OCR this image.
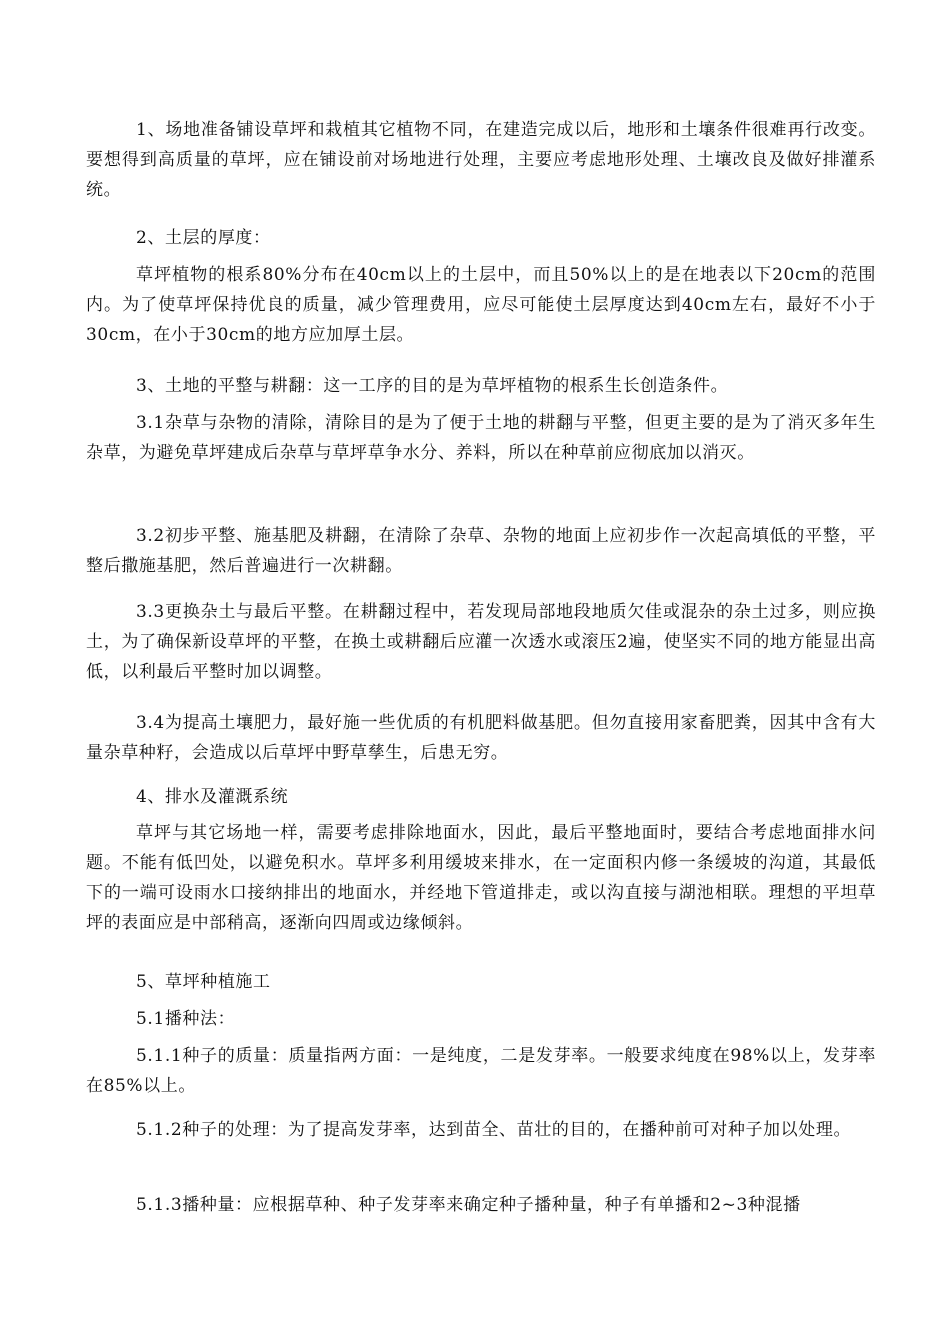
1、场地准备铺设草坪和栽植其它植物不同，在建造完成以后，地形和土壤条件很难再行改变。要想得到高质量的草坪，应在铺设前对场地进行处理，主要应考虑地形处理、土壤改良及做好排灌系统。

2、土层的厚度：

草坪植物的根系80%分布在40cm以上的土层中，而且50%以上的是在地表以下20cm的范围内。为了使草坪保持优良的质量，减少管理费用，应尽可能使土层厚度达到40cm左右，最好不小于30cm，在小于30cm的地方应加厚土层。

3、土地的平整与耕翻：这一工序的目的是为草坪植物的根系生长创造条件。

3.1杂草与杂物的清除，清除目的是为了便于土地的耕翻与平整，但更主要的是为了消灭多年生杂草，为避免草坪建成后杂草与草坪草争水分、养料，所以在种草前应彻底加以消灭。

3.2初步平整、施基肥及耕翻，在清除了杂草、杂物的地面上应初步作一次起高填低的平整，平整后撒施基肥，然后普遍进行一次耕翻。

3.3更换杂土与最后平整。在耕翻过程中，若发现局部地段地质欠佳或混杂的杂土过多，则应换土，为了确保新设草坪的平整，在换土或耕翻后应灌一次透水或滚压2遍，使坚实不同的地方能显出高低，以利最后平整时加以调整。

3.4为提高土壤肥力，最好施一些优质的有机肥料做基肥。但勿直接用家畜肥粪，因其中含有大量杂草种籽，会造成以后草坪中野草孳生，后患无穷。

4、排水及灌溉系统

草坪与其它场地一样，需要考虑排除地面水，因此，最后平整地面时，要结合考虑地面排水问题。不能有低凹处，以避免积水。草坪多利用缓坡来排水，在一定面积内修一条缓坡的沟道，其最低下的一端可设雨水口接纳排出的地面水，并经地下管道排走，或以沟直接与湖池相联。理想的平坦草坪的表面应是中部稍高，逐渐向四周或边缘倾斜。

5、草坪种植施工

5.1播种法：

5.1.1种子的质量：质量指两方面：一是纯度，二是发芽率。一般要求纯度在98%以上，发芽率在85%以上。

5.1.2种子的处理：为了提高发芽率，达到苗全、苗壮的目的，在播种前可对种子加以处理。

5.1.3播种量：应根据草种、种子发芽率来确定种子播种量，种子有单播和2~3种混播
